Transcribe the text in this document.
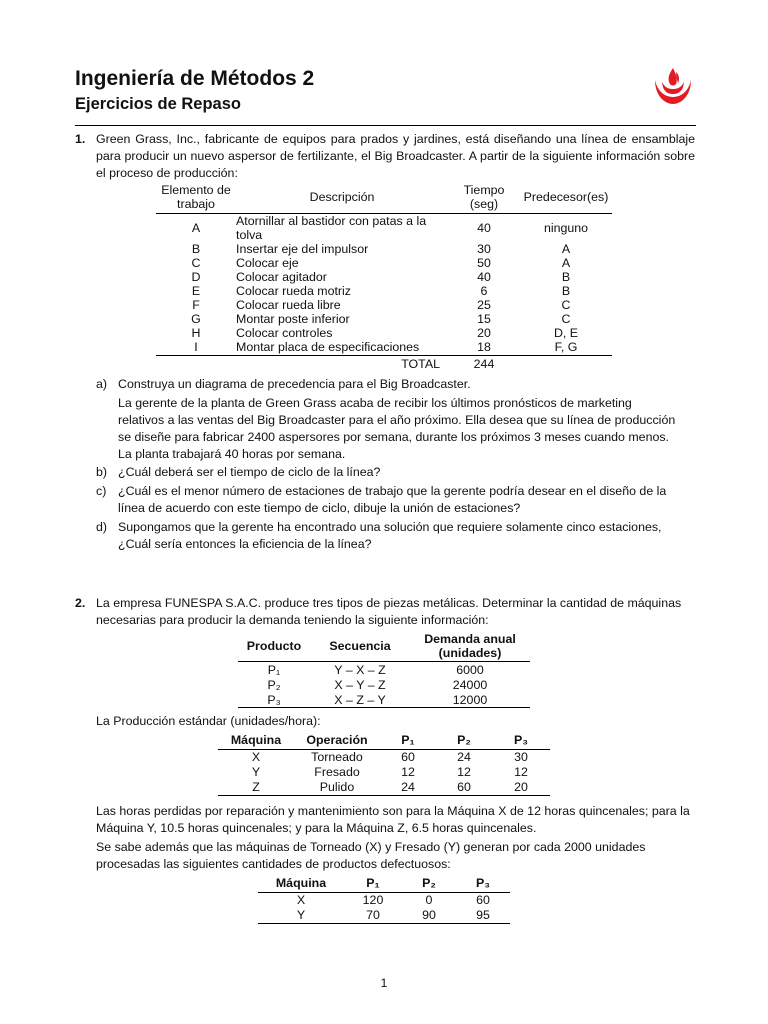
Ingeniería de Métodos 2
Ejercicios de Repaso
1. Green Grass, Inc., fabricante de equipos para prados y jardines, está diseñando una línea de ensamblaje para producir un nuevo aspersor de fertilizante, el Big Broadcaster. A partir de la siguiente información sobre el proceso de producción:
Elemento de trabajo	Descripción	Tiempo (seg)	Predecesor(es)
A	Atornillar al bastidor con patas a la tolva	40	ninguno
B	Insertar eje del impulsor	30	A
C	Colocar eje	50	A
D	Colocar agitador	40	B
E	Colocar rueda motriz	6	B
F	Colocar rueda libre	25	C
G	Montar poste inferior	15	C
H	Colocar controles	20	D, E
I	Montar placa de especificaciones	18	F, G
	TOTAL	244	
a) Construya un diagrama de precedencia para el Big Broadcaster.
La gerente de la planta de Green Grass acaba de recibir los últimos pronósticos de marketing relativos a las ventas del Big Broadcaster para el año próximo. Ella desea que su línea de producción se diseñe para fabricar 2400 aspersores por semana, durante los próximos 3 meses cuando menos. La planta trabajará 40 horas por semana.
b) ¿Cuál deberá ser el tiempo de ciclo de la línea?
c) ¿Cuál es el menor número de estaciones de trabajo que la gerente podría desear en el diseño de la línea de acuerdo con este tiempo de ciclo, dibuje la unión de estaciones?
d) Supongamos que la gerente ha encontrado una solución que requiere solamente cinco estaciones, ¿Cuál sería entonces la eficiencia de la línea?
2. La empresa FUNESPA S.A.C. produce tres tipos de piezas metálicas. Determinar la cantidad de máquinas necesarias para producir la demanda teniendo la siguiente información:
Producto	Secuencia	Demanda anual (unidades)
P₁	Y – X – Z	6000
P₂	X – Y – Z	24000
P₃	X – Z – Y	12000
La Producción estándar (unidades/hora):
Máquina	Operación	P₁	P₂	P₃
X	Torneado	60	24	30
Y	Fresado	12	12	12
Z	Pulido	24	60	20
Las horas perdidas por reparación y mantenimiento son para la Máquina X de 12 horas quincenales; para la Máquina Y, 10.5 horas quincenales; y para la Máquina Z, 6.5 horas quincenales.
Se sabe además que las máquinas de Torneado (X) y Fresado (Y) generan por cada 2000 unidades procesadas las siguientes cantidades de productos defectuosos:
Máquina	P₁	P₂	P₃
X	120	0	60
Y	70	90	95
1
